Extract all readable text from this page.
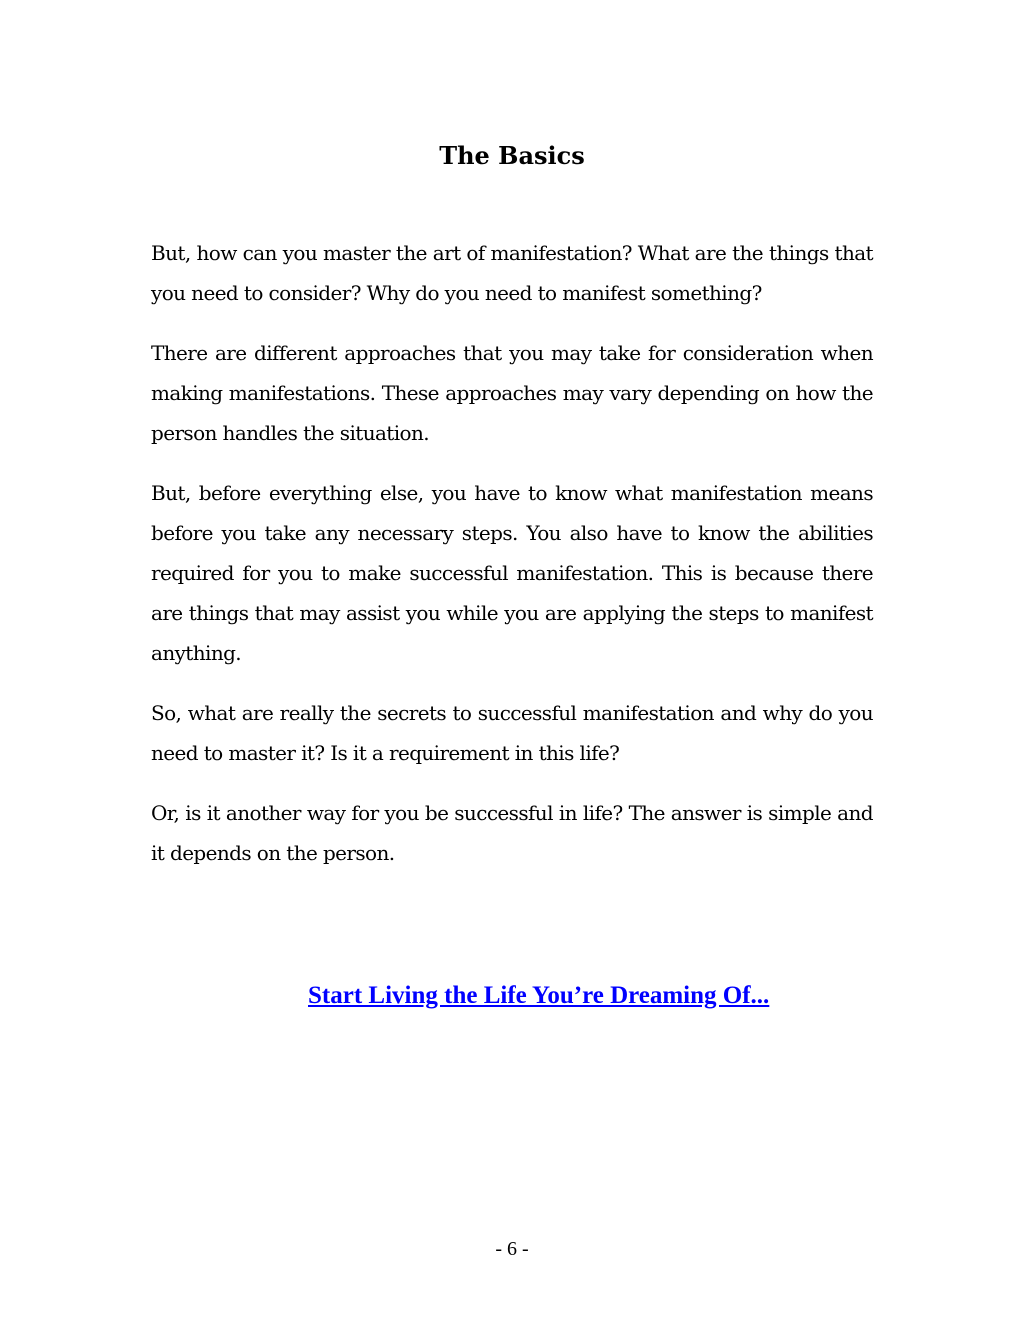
The Basics

But, how can you master the art of manifestation? What are the things that you need to consider? Why do you need to manifest something?

There are different approaches that you may take for consideration when making manifestations. These approaches may vary depending on how the person handles the situation.

But, before everything else, you have to know what manifestation means before you take any necessary steps. You also have to know the abilities required for you to make successful manifestation. This is because there are things that may assist you while you are applying the steps to manifest anything.

So, what are really the secrets to successful manifestation and why do you need to master it? Is it a requirement in this life?

Or, is it another way for you be successful in life? The answer is simple and it depends on the person.

Start Living the Life You’re Dreaming Of...
- 6 -
